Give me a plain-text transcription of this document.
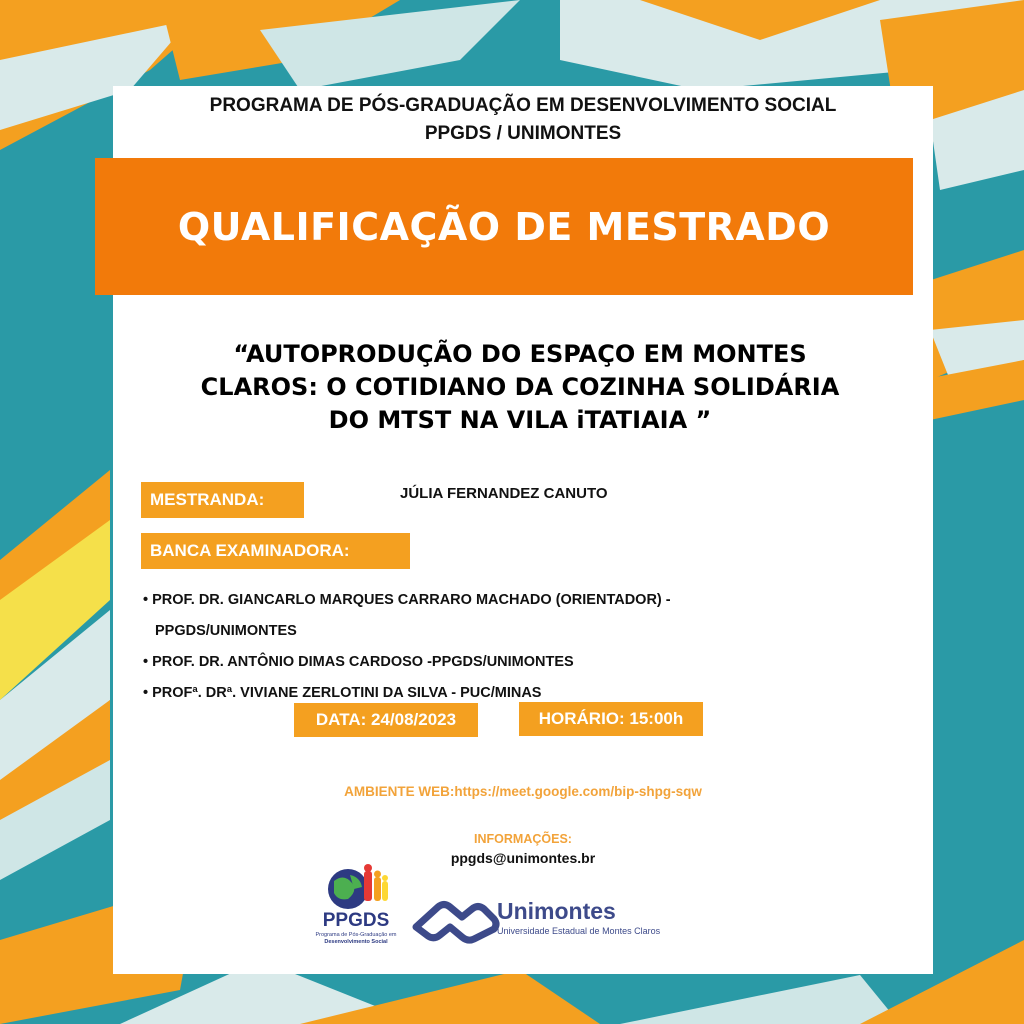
PROGRAMA DE PÓS-GRADUAÇÃO EM DESENVOLVIMENTO SOCIAL
PPGDS / UNIMONTES
QUALIFICAÇÃO DE MESTRADO
“AUTOPRODUÇÃO DO ESPAÇO EM MONTES
CLAROS: O COTIDIANO DA COZINHA SOLIDÁRIA
DO MTST NA VILA iTATIAIA ”
MESTRANDA:	JÚLIA FERNANDEZ CANUTO
BANCA EXAMINADORA:
• PROF. DR. GIANCARLO MARQUES CARRARO MACHADO (ORIENTADOR) - PPGDS/UNIMONTES
• PROF. DR. ANTÔNIO DIMAS CARDOSO -PPGDS/UNIMONTES
• PROFª. DRª. VIVIANE ZERLOTINI DA SILVA - PUC/MINAS
DATA: 24/08/2023	HORÁRIO: 15:00h
AMBIENTE WEB:https://meet.google.com/bip-shpg-sqw
INFORMAÇÕES:
ppgds@unimontes.br
PPGDS
Programa de Pós-Graduação em
Desenvolvimento Social
Unimontes
Universidade Estadual de Montes Claros
